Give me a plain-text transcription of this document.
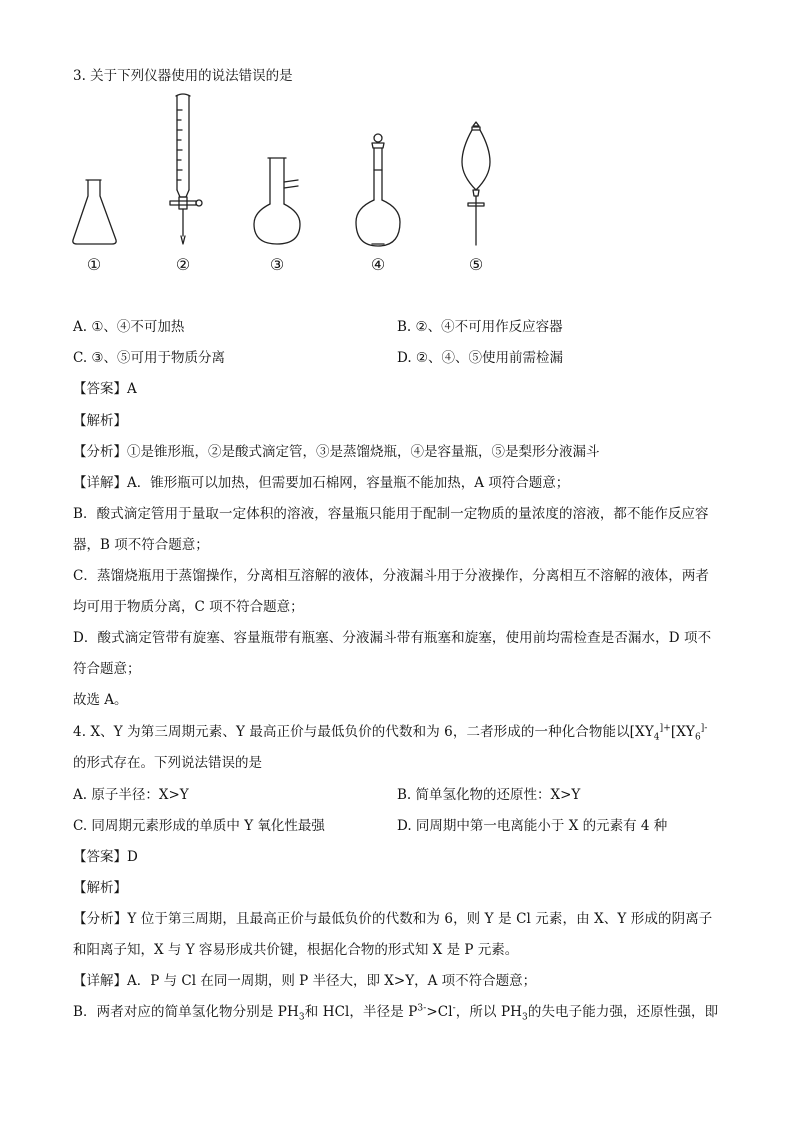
3. 关于下列仪器使用的说法错误的是
①	②	③	④	⑤
A. ①、④不可加热	B. ②、④不可用作反应容器
C. ③、⑤可用于物质分离	D. ②、④、⑤使用前需检漏
【答案】A
【解析】
【分析】①是锥形瓶，②是酸式滴定管，③是蒸馏烧瓶，④是容量瓶，⑤是梨形分液漏斗
【详解】A．锥形瓶可以加热，但需要加石棉网，容量瓶不能加热，A 项符合题意；
B．酸式滴定管用于量取一定体积的溶液，容量瓶只能用于配制一定物质的量浓度的溶液，都不能作反应容
器，B 项不符合题意；
C．蒸馏烧瓶用于蒸馏操作，分离相互溶解的液体，分液漏斗用于分液操作，分离相互不溶解的液体，两者
均可用于物质分离，C 项不符合题意；
D．酸式滴定管带有旋塞、容量瓶带有瓶塞、分液漏斗带有瓶塞和旋塞，使用前均需检查是否漏水，D 项不
符合题意；
故选 A。
4. X、Y 为第三周期元素、Y 最高正价与最低负价的代数和为 6，二者形成的一种化合物能以[$XY_4^{]+}[XY_6^{]-}$
的形式存在。下列说法错误的是
A. 原子半径：X>Y	B. 简单氢化物的还原性：X>Y
C. 同周期元素形成的单质中 Y 氧化性最强	D. 同周期中第一电离能小于 X 的元素有 4 种
【答案】D
【解析】
【分析】Y 位于第三周期，且最高正价与最低负价的代数和为 6，则 Y 是 Cl 元素，由 X、Y 形成的阴离子
和阳离子知，X 与 Y 容易形成共价键，根据化合物的形式知 X 是 P 元素。
【详解】A．P 与 Cl 在同一周期，则 P 半径大，即 X>Y，A 项不符合题意；
B．两者对应的简单氢化物分别是 $PH_3$和 HCl，半径是 $P^{3-}>Cl^-$，所以 $PH_3$的失电子能力强，还原性强，即
